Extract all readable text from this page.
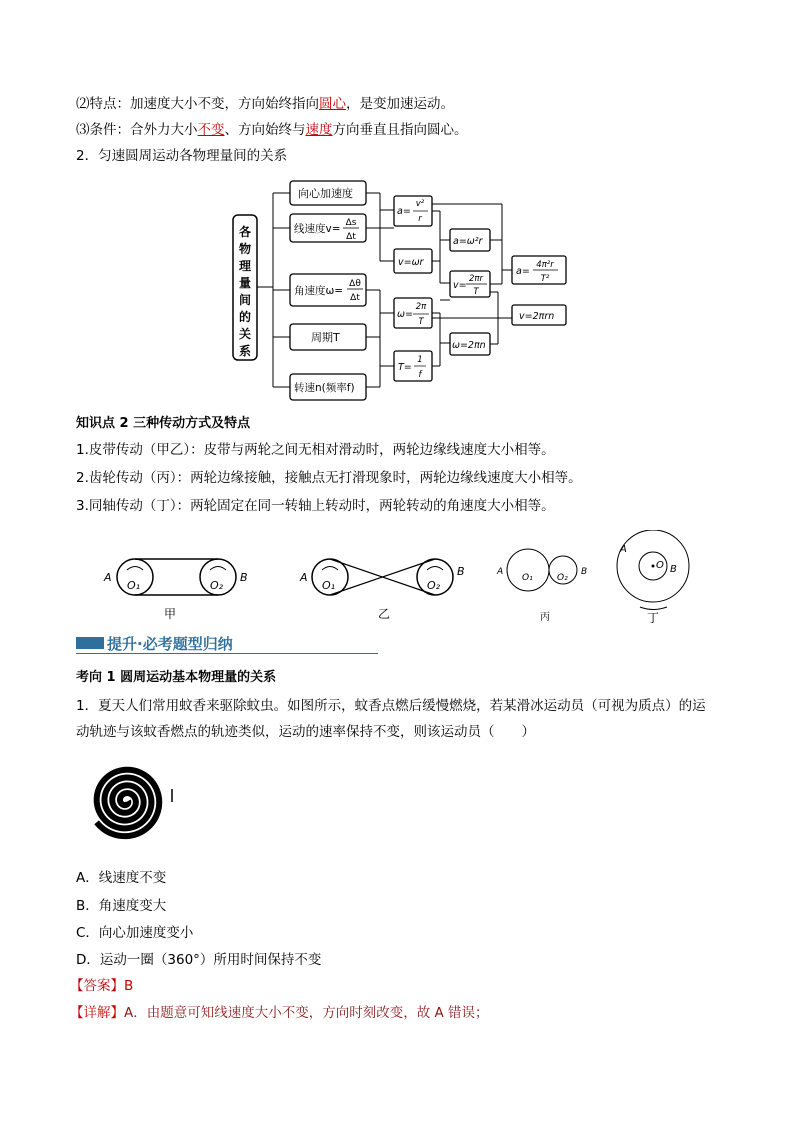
⑵特点：加速度大小不变，方向始终指向圆心，是变加速运动。
⑶条件：合外力大小不变、方向始终与速度方向垂直且指向圆心。
2．匀速圆周运动各物理量间的关系
各
物
理
量
间
的
关
系
向心加速度
线速度v= Δs
Δt
角速度ω=
Δθ
Δt
周期T
转速n(频率f)
a=
v²
r
v=ωr
ω=
2π
T
T=
1
f
a=ω²r
v=
2πr
T
ω=2πn
a=
4π²r
T²
v=2πrn
知识点 2 三种传动方式及特点
1.皮带传动（甲乙）：皮带与两轮之间无相对滑动时，两轮边缘线速度大小相等。
2.齿轮传动（丙）：两轮边缘接触，接触点无打滑现象时，两轮边缘线速度大小相等。
3.同轴传动（丁）：两轮固定在同一转轴上转动时，两轮转动的角速度大小相等。
A	B
O₁	O₂
甲
A	B
O₁	O₂
乙
A	B
O₁	O₂
丙
A
B
O
丁
提升·必考题型归纳
考向 1 圆周运动基本物理量的关系
1．夏天人们常用蚊香来驱除蚊虫。如图所示，蚊香点燃后缓慢燃烧，若某滑冰运动员（可视为质点）的运
动轨迹与该蚊香燃点的轨迹类似，运动的速率保持不变，则该运动员（　　）
A．线速度不变
B．角速度变大
C．向心加速度变小
D．运动一圈（360°）所用时间保持不变
【答案】B
【详解】A．由题意可知线速度大小不变，方向时刻改变，故 A 错误；
